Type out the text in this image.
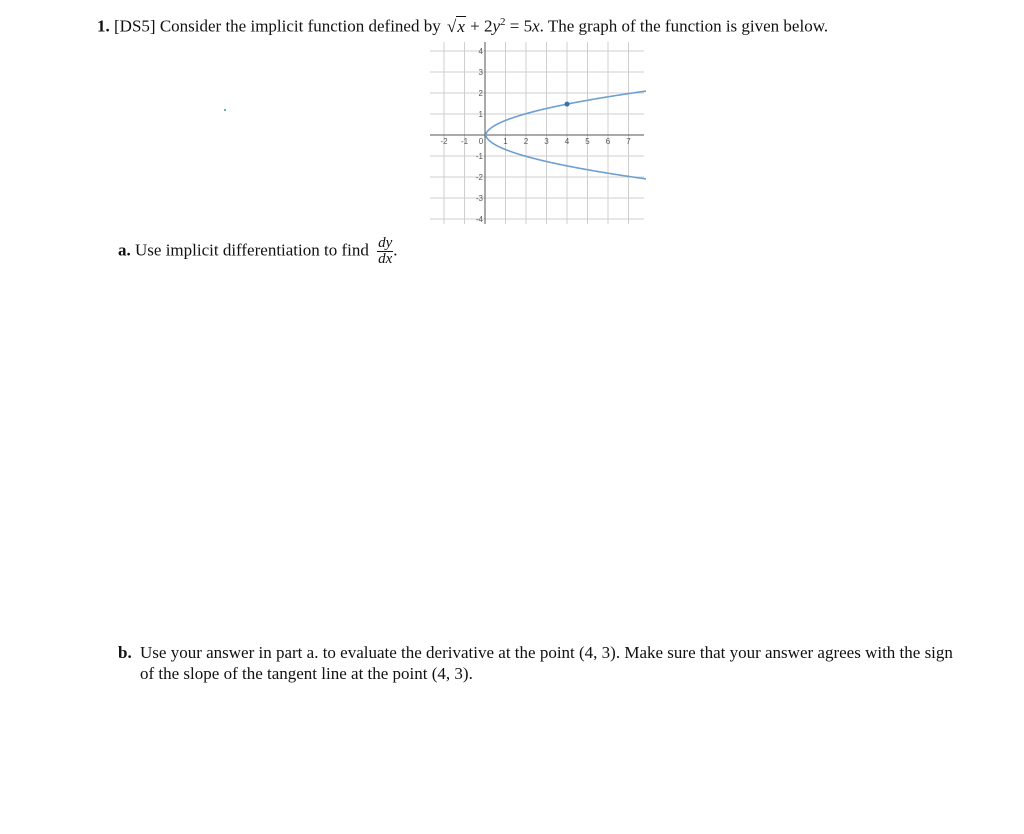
1. [DS5] Consider the implicit function defined by $√x + 2y^2 = 5x$. The graph of the function is given below.
-2 -1 0	1 2 3 4 5 6 7
4
3
2
1
-1
-2
-3
-4
a. Use implicit differentiation to find $\frac{dy}{dx}$ .
b. Use your answer in part a. to evaluate the derivative at the point (4, 3). Make sure that your answer agrees with the sign of the slope of the tangent line at the point (4, 3).
